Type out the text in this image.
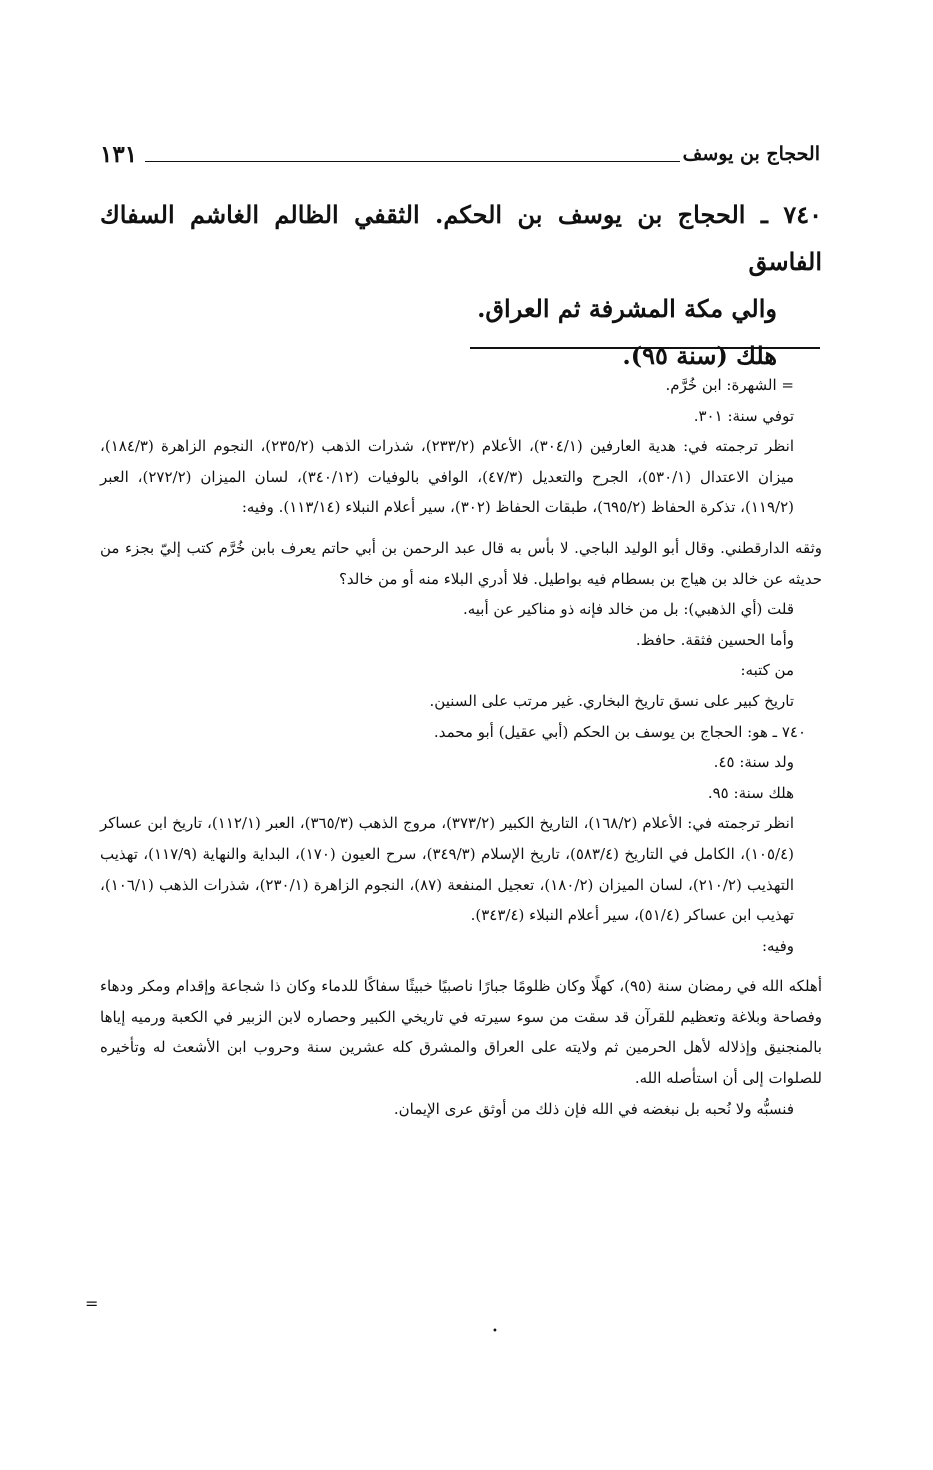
الحجاج بن يوسف
١٣١

٧٤٠ ـ الحجاج بن يوسف بن الحكم. الثقفي الظالم الغاشم السفاك الفاسق

والي مكة المشرفة ثم العراق.

هلك (سنة ٩٥).

= الشهرة: ابن خُرَّم.

توفي سنة: ٣٠١.

انظر ترجمته في: هدية العارفين (٣٠٤/١)، الأعلام (٢٣٣/٢)، شذرات الذهب (٢٣٥/٢)، النجوم الزاهرة (١٨٤/٣)، ميزان الاعتدال (٥٣٠/١)، الجرح والتعديل (٤٧/٣)، الوافي بالوفيات (٣٤٠/١٢)، لسان الميزان (٢٧٢/٢)، العبر (١١٩/٢)، تذكرة الحفاظ (٦٩٥/٢)، طبقات الحفاظ (٣٠٢)، سير أعلام النبلاء (١١٣/١٤). وفيه:

وثقه الدارقطني. وقال أبو الوليد الباجي. لا بأس به قال عبد الرحمن بن أبي حاتم يعرف بابن خُرَّم كتب إليّ بجزء من حديثه عن خالد بن هياج بن بسطام فيه بواطيل. فلا أدري البلاء منه أو من خالد؟

قلت (أي الذهبي): بل من خالد فإنه ذو مناكير عن أبيه.

وأما الحسين فثقة. حافظ.

من كتبه:

تاريخ كبير على نسق تاريخ البخاري. غير مرتب على السنين.

٧٤٠ ـ هو: الحجاج بن يوسف بن الحكم (أبي عقيل) أبو محمد.

ولد سنة: ٤٥.

هلك سنة: ٩٥.

انظر ترجمته في: الأعلام (١٦٨/٢)، التاريخ الكبير (٣٧٣/٢)، مروج الذهب (٣٦٥/٣)، العبر (١١٢/١)، تاريخ ابن عساكر (١٠٥/٤)، الكامل في التاريخ (٥٨٣/٤)، تاريخ الإسلام (٣٤٩/٣)، سرح العيون (١٧٠)، البداية والنهاية (١١٧/٩)، تهذيب التهذيب (٢١٠/٢)، لسان الميزان (١٨٠/٢)، تعجيل المنفعة (٨٧)، النجوم الزاهرة (٢٣٠/١)، شذرات الذهب (١٠٦/١)، تهذيب ابن عساكر (٥١/٤)، سير أعلام النبلاء (٣٤٣/٤).

وفيه:

أهلكه الله في رمضان سنة (٩٥)، كهلًا وكان ظلومًا جبارًا ناصبيًا خبيثًا سفاكًا للدماء وكان ذا شجاعة وإقدام ومكر ودهاء وفصاحة وبلاغة وتعظيم للقرآن قد سقت من سوء سيرته في تاريخي الكبير وحصاره لابن الزبير في الكعبة ورميه إياها بالمنجنيق وإذلاله لأهل الحرمين ثم ولايته على العراق والمشرق كله عشرين سنة وحروب ابن الأشعث له وتأخيره للصلوات إلى أن استأصله الله.

فنسبُّه ولا نُحبه بل نبغضه في الله فإن ذلك من أوثق عرى الإيمان.

=
•
